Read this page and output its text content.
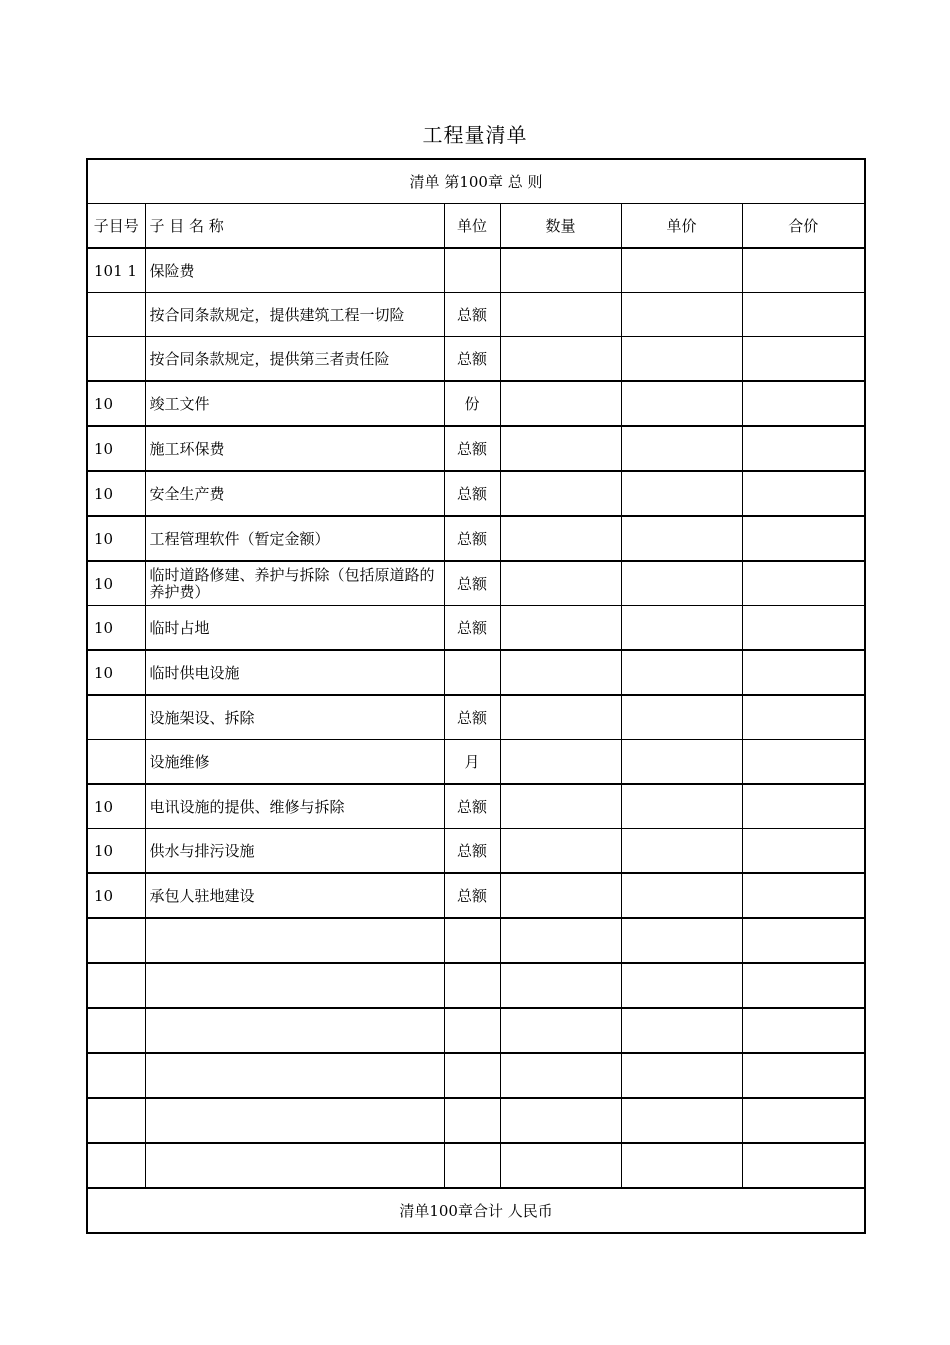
工程量清单
清单 第100章 总 则					
子目号	子 目 名 称	单位	数量	单价	合价
101 1	保险费				
	按合同条款规定，提供建筑工程一切险	总额			
	按合同条款规定，提供第三者责任险	总额			
10	竣工文件	份			
10	施工环保费	总额			
10	安全生产费	总额			
10	工程管理软件（暂定金额）	总额			
10	临时道路修建、养护与拆除（包括原道路的养护费）	总额			
10	临时占地	总额			
10	临时供电设施				
	设施架设、拆除	总额			
	设施维修	月			
10	电讯设施的提供、维修与拆除	总额			
10	供水与排污设施	总额			
10	承包人驻地建设	总额			

清单100章合计 人民币					
